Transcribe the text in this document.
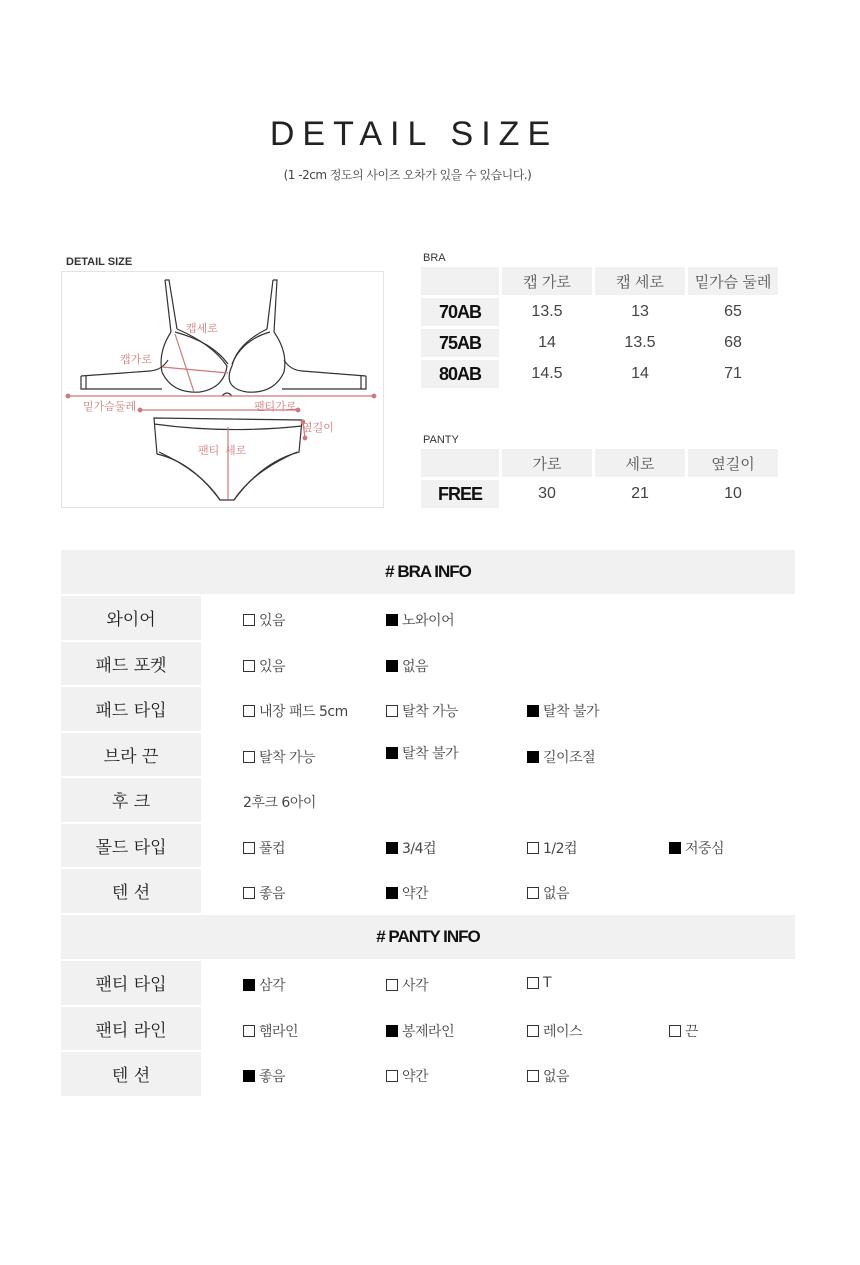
DETAIL SIZE
(1 -2cm 정도의 사이즈 오차가 있을 수 있습니다.)
DETAIL SIZE
캡세로
캡가로
밑가슴둘레	팬티가로
옆길이
팬티 세로
BRA
	캡 가로	캡 세로	밑가슴 둘레
70AB	13.5	13	65
75AB	14	13.5	68
80AB	14.5	14	71
PANTY
	가로	세로	옆길이
FREE	30	21	10
# BRA INFO
와이어	있음	노와이어
패드 포켓	있음	없음
패드 타입	내장 패드 5cm	탈착 가능	탈착 불가
브라 끈	탈착 가능	탈착 불가	길이조절
후 크	2후크 6아이
몰드 타입	풀컵	3/4컵	1/2컵	저중심
텐 션	좋음	약간	없음
# PANTY INFO
팬티 타입	삼각	사각	T
팬티 라인	햄라인	봉제라인	레이스	끈
텐 션	좋음	약간	없음
